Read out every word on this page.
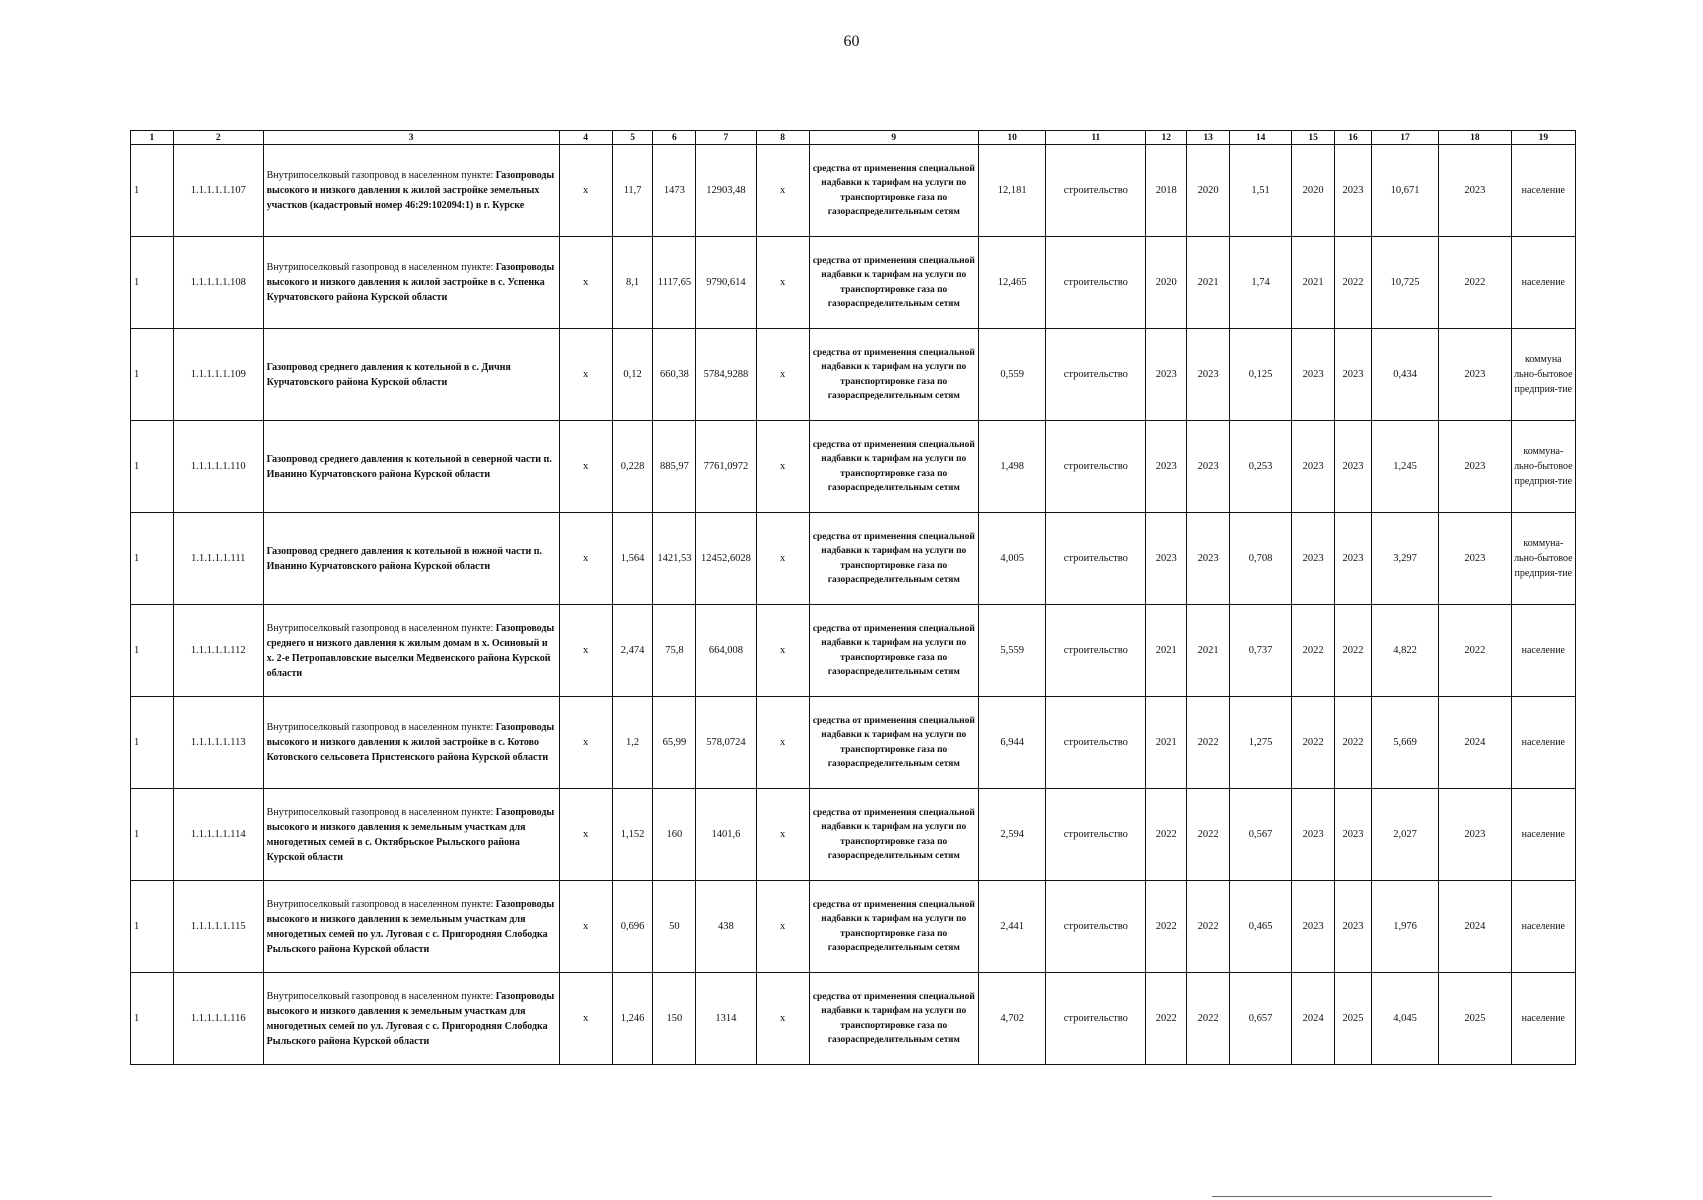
60
1	2	3	4	5	6	7	8	9	10	11	12	13	14	15	16	17	18	19
1	1.1.1.1.1.107	Внутрипоселковый газопровод в населенном пункте: Газопроводы высокого и низкого давления к жилой застройке земельных участков (кадастровый номер 46:29:102094:1) в г. Курске	x	11,7	1473	12903,48	x	средства от применения специальной надбавки к тарифам на услуги по транспортировке газа по газораспределительным сетям	12,181	строительство	2018	2020	1,51	2020	2023	10,671	2023	население
1	1.1.1.1.1.108	Внутрипоселковый газопровод в населенном пункте: Газопроводы высокого и низкого давления к жилой застройке в с. Успенка Курчатовского района Курской области	x	8,1	1117,65	9790,614	x	средства от применения специальной надбавки к тарифам на услуги по транспортировке газа по газораспределительным сетям	12,465	строительство	2020	2021	1,74	2021	2022	10,725	2022	население
1	1.1.1.1.1.109	Газопровод среднего давления к котельной в с. Дичня Курчатовского района Курской области	x	0,12	660,38	5784,9288	x	средства от применения специальной надбавки к тарифам на услуги по транспортировке газа по газораспределительным сетям	0,559	строительство	2023	2023	0,125	2023	2023	0,434	2023	коммуна льно-бытовое предприя-тие
1	1.1.1.1.1.110	Газопровод среднего давления к котельной в северной части п. Иванино Курчатовского района Курской области	x	0,228	885,97	7761,0972	x	средства от применения специальной надбавки к тарифам на услуги по транспортировке газа по газораспределительным сетям	1,498	строительство	2023	2023	0,253	2023	2023	1,245	2023	коммуна-льно-бытовое предприя-тие
1	1.1.1.1.1.111	Газопровод среднего давления к котельной в южной части п. Иванино Курчатовского района Курской области	x	1,564	1421,53	12452,6028	x	средства от применения специальной надбавки к тарифам на услуги по транспортировке газа по газораспределительным сетям	4,005	строительство	2023	2023	0,708	2023	2023	3,297	2023	коммуна-льно-бытовое предприя-тие
1	1.1.1.1.1.112	Внутрипоселковый газопровод в населенном пункте: Газопроводы среднего и низкого давления к жилым домам в х. Осиновый и х. 2-е Петропавловские выселки Медвенского района Курской области	x	2,474	75,8	664,008	x	средства от применения специальной надбавки к тарифам на услуги по транспортировке газа по газораспределительным сетям	5,559	строительство	2021	2021	0,737	2022	2022	4,822	2022	население
1	1.1.1.1.1.113	Внутрипоселковый газопровод в населенном пункте: Газопроводы высокого и низкого давления к жилой застройке в с. Котово Котовского сельсовета Пристенского района Курской области	x	1,2	65,99	578,0724	x	средства от применения специальной надбавки к тарифам на услуги по транспортировке газа по газораспределительным сетям	6,944	строительство	2021	2022	1,275	2022	2022	5,669	2024	население
1	1.1.1.1.1.114	Внутрипоселковый газопровод в населенном пункте: Газопроводы высокого и низкого давления к земельным участкам для многодетных семей в с. Октябрьское Рыльского района Курской области	x	1,152	160	1401,6	x	средства от применения специальной надбавки к тарифам на услуги по транспортировке газа по газораспределительным сетям	2,594	строительство	2022	2022	0,567	2023	2023	2,027	2023	население
1	1.1.1.1.1.115	Внутрипоселковый газопровод в населенном пункте: Газопроводы высокого и низкого давления к земельным участкам для многодетных семей по ул. Луговая с с. Пригородняя Слободка Рыльского района Курской области	x	0,696	50	438	x	средства от применения специальной надбавки к тарифам на услуги по транспортировке газа по газораспределительным сетям	2,441	строительство	2022	2022	0,465	2023	2023	1,976	2024	население
1	1.1.1.1.1.116	Внутрипоселковый газопровод в населенном пункте: Газопроводы высокого и низкого давления к земельным участкам для многодетных семей по ул. Луговая с с. Пригородняя Слободка Рыльского района Курской области	x	1,246	150	1314	x	средства от применения специальной надбавки к тарифам на услуги по транспортировке газа по газораспределительным сетям	4,702	строительство	2022	2022	0,657	2024	2025	4,045	2025	население
